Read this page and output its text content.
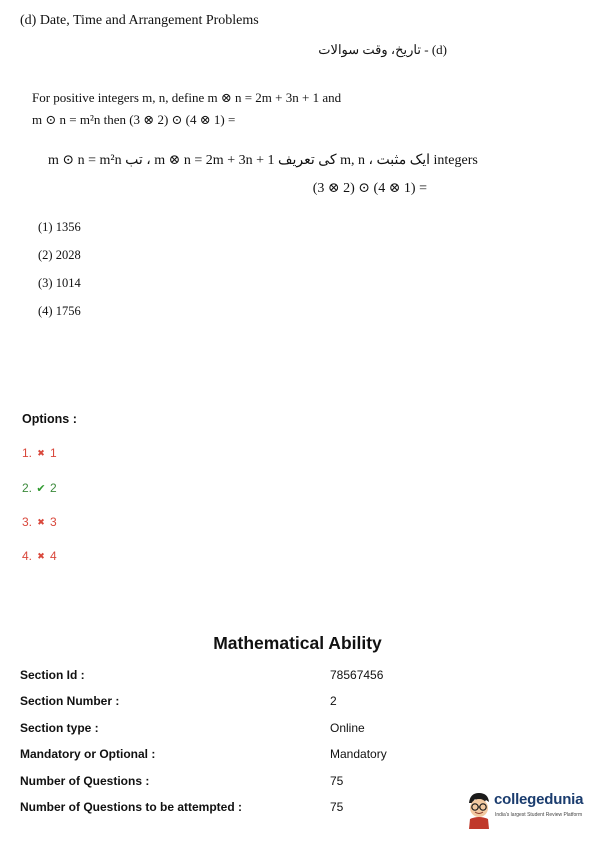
(d) Date, Time and Arrangement Problems
(d) - تاریخ، وقت سوالات
For positive integers m, n, define m ⊗ n = 2m + 3n + 1 and
m ⊙ n = m²n then (3 ⊗ 2) ⊙ (4 ⊗ 1) =
m ⊙ n = m²n تب ، m ⊗ n = 2m + 3n + 1 کی تعریف m, n ، ایک مثبت integers
(3 ⊗ 2) ⊙ (4 ⊗ 1) =
(1) 1356
(2) 2028
(3) 1014
(4) 1756
Options :
1. ✖ 1
2. ✔ 2
3. ✖ 3
4. ✖ 4
Mathematical Ability
Section Id :	78567456
Section Number :	2
Section type :	Online
Mandatory or Optional :	Mandatory
Number of Questions :	75
Number of Questions to be attempted :	75	collegedunia
India's largest Student Review Platform
